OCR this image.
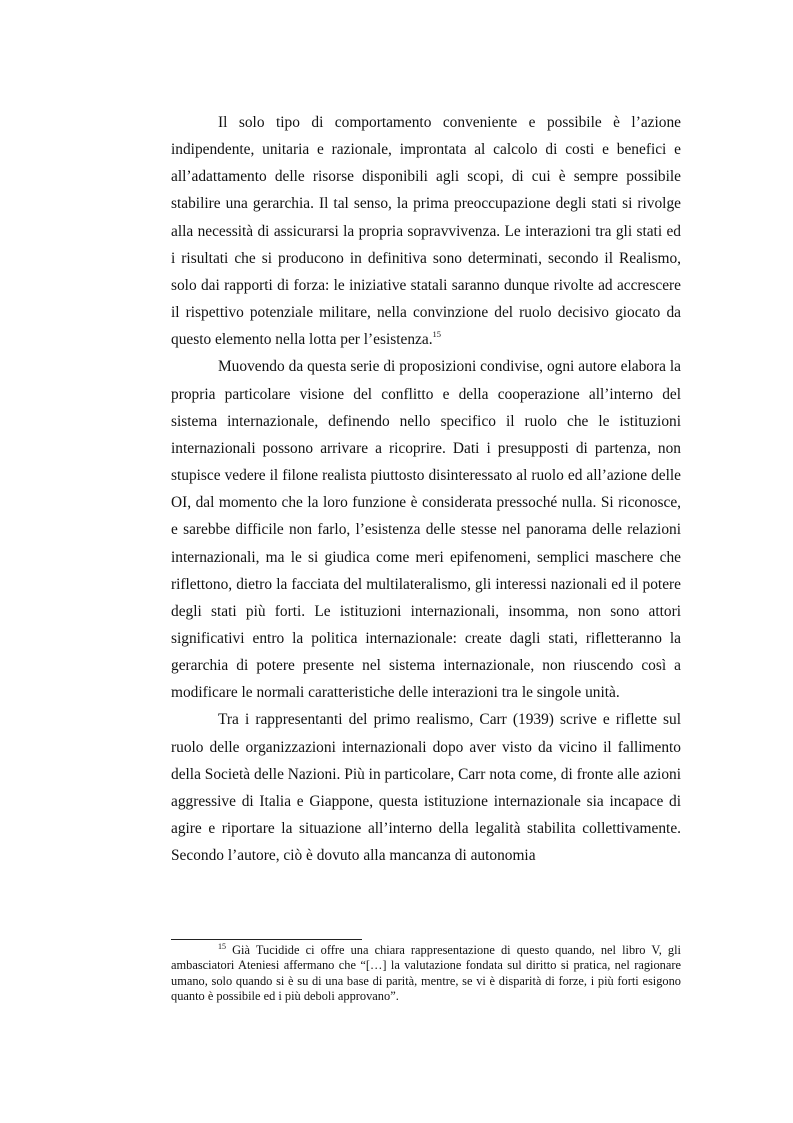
Il solo tipo di comportamento conveniente e possibile è l’azione indipendente, unitaria e razionale, improntata al calcolo di costi e benefici e all’adattamento delle risorse disponibili agli scopi, di cui è sempre possibile stabilire una gerarchia. Il tal senso, la prima preoccupazione degli stati si rivolge alla necessità di assicurarsi la propria sopravvivenza. Le interazioni tra gli stati ed i risultati che si producono in definitiva sono determinati, secondo il Realismo, solo dai rapporti di forza: le iniziative statali saranno dunque rivolte ad accrescere il rispettivo potenziale militare, nella convinzione del ruolo decisivo giocato da questo elemento nella lotta per l’esistenza.$^{15}$

Muovendo da questa serie di proposizioni condivise, ogni autore elabora la propria particolare visione del conflitto e della cooperazione all’interno del sistema internazionale, definendo nello specifico il ruolo che le istituzioni internazionali possono arrivare a ricoprire. Dati i presupposti di partenza, non stupisce vedere il filone realista piuttosto disinteressato al ruolo ed all’azione delle OI, dal momento che la loro funzione è considerata pressoché nulla. Si riconosce, e sarebbe difficile non farlo, l’esistenza delle stesse nel panorama delle relazioni internazionali, ma le si giudica come meri epifenomeni, semplici maschere che riflettono, dietro la facciata del multilateralismo, gli interessi nazionali ed il potere degli stati più forti. Le istituzioni internazionali, insomma, non sono attori significativi entro la politica internazionale: create dagli stati, rifletteranno la gerarchia di potere presente nel sistema internazionale, non riuscendo così a modificare le normali caratteristiche delle interazioni tra le singole unità.

Tra i rappresentanti del primo realismo, Carr (1939) scrive e riflette sul ruolo delle organizzazioni internazionali dopo aver visto da vicino il fallimento della Società delle Nazioni. Più in particolare, Carr nota come, di fronte alle azioni aggressive di Italia e Giappone, questa istituzione internazionale sia incapace di agire e riportare la situazione all’interno della legalità stabilita collettivamente. Secondo l’autore, ciò è dovuto alla mancanza di autonomia

$^{15}$ Già Tucidide ci offre una chiara rappresentazione di questo quando, nel libro V, gli ambasciatori Ateniesi affermano che “[…] la valutazione fondata sul diritto si pratica, nel ragionare umano, solo quando si è su di una base di parità, mentre, se vi è disparità di forze, i più forti esigono quanto è possibile ed i più deboli approvano”.
